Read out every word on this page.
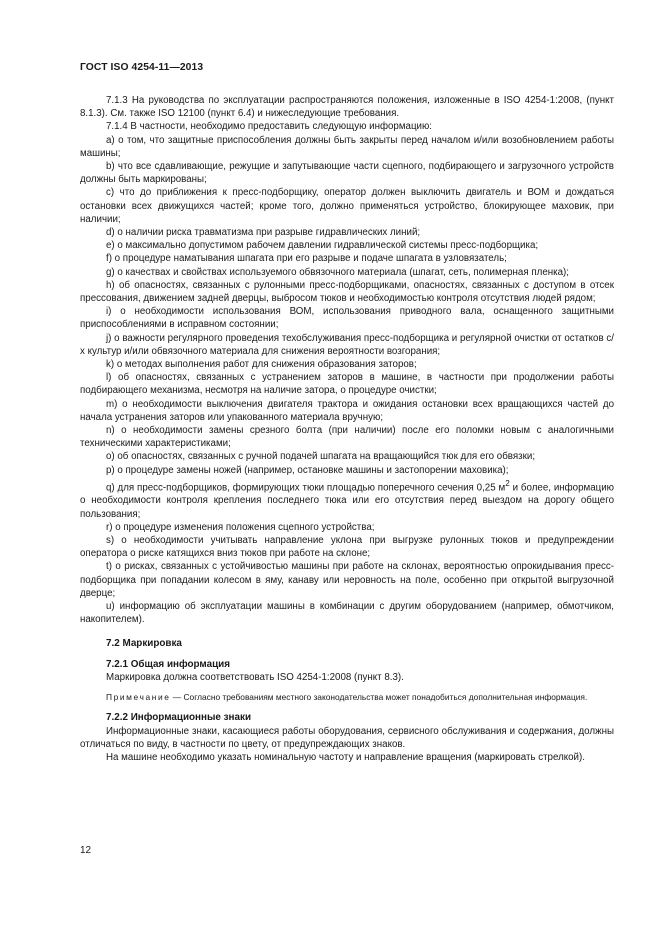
ГОСТ ISO 4254-11—2013

7.1.3 На руководства по эксплуатации распространяются положения, изложенные в ISO 4254-1:2008, (пункт 8.1.3). См. также ISO 12100 (пункт 6.4) и нижеследующие требования.

7.1.4 В частности, необходимо предоставить следующую информацию:

a) о том, что защитные приспособления должны быть закрыты перед началом и/или возобновлением работы машины;

b) что все сдавливающие, режущие и запутывающие части сцепного, подбирающего и загрузочного устройств должны быть маркированы;

c) что до приближения к пресс-подборщику, оператор должен выключить двигатель и ВОМ и дождаться остановки всех движущихся частей; кроме того, должно применяться устройство, блокирующее маховик, при наличии;

d) о наличии риска травматизма при разрыве гидравлических линий;

e) о максимально допустимом рабочем давлении гидравлической системы пресс-подборщика;

f) о процедуре наматывания шпагата при его разрыве и подаче шпагата в узловязатель;

g) о качествах и свойствах используемого обвязочного материала (шпагат, сеть, полимерная пленка);

h) об опасностях, связанных с рулонными пресс-подборщиками, опасностях, связанных с доступом в отсек прессования, движением задней дверцы, выбросом тюков и необходимостью контроля отсутствия людей рядом;

i) о необходимости использования ВОМ, использования приводного вала, оснащенного защитными приспособлениями в исправном состоянии;

j) о важности регулярного проведения техобслуживания пресс-подборщика и регулярной очистки от остатков с/х культур и/или обвязочного материала для снижения вероятности возгорания;

k) о методах выполнения работ для снижения образования заторов;

l) об опасностях, связанных с устранением заторов в машине, в частности при продолжении работы подбирающего механизма, несмотря на наличие затора, о процедуре очистки;

m) о необходимости выключения двигателя трактора и ожидания остановки всех вращающихся частей до начала устранения заторов или упакованного материала вручную;

n) о необходимости замены срезного болта (при наличии) после его поломки новым с аналогичными техническими характеристиками;

o) об опасностях, связанных с ручной подачей шпагата на вращающийся тюк для его обвязки;

p) о процедуре замены ножей (например, остановке машины и застопорении маховика);

q) для пресс-подборщиков, формирующих тюки площадью поперечного сечения 0,25 $м^2$ и более, информацию о необходимости контроля крепления последнего тюка или его отсутствия перед выездом на дорогу общего пользования;

r) о процедуре изменения положения сцепного устройства;

s) о необходимости учитывать направление уклона при выгрузке рулонных тюков и предупреждении оператора о риске катящихся вниз тюков при работе на склоне;

t) о рисках, связанных с устойчивостью машины при работе на склонах, вероятностью опрокидывания пресс-подборщика при попадании колесом в яму, канаву или неровность на поле, особенно при открытой выгрузочной дверце;

u) информацию об эксплуатации машины в комбинации с другим оборудованием (например, обмотчиком, накопителем).

7.2 Маркировка
7.2.1 Общая информация

Маркировка должна соответствовать ISO 4254-1:2008 (пункт 8.3).

Примечание — Согласно требованиям местного законодательства может понадобиться дополнительная информация.

7.2.2 Информационные знаки

Информационные знаки, касающиеся работы оборудования, сервисного обслуживания и содержания, должны отличаться по виду, в частности по цвету, от предупреждающих знаков.

На машине необходимо указать номинальную частоту и направление вращения (маркировать стрелкой).

12
